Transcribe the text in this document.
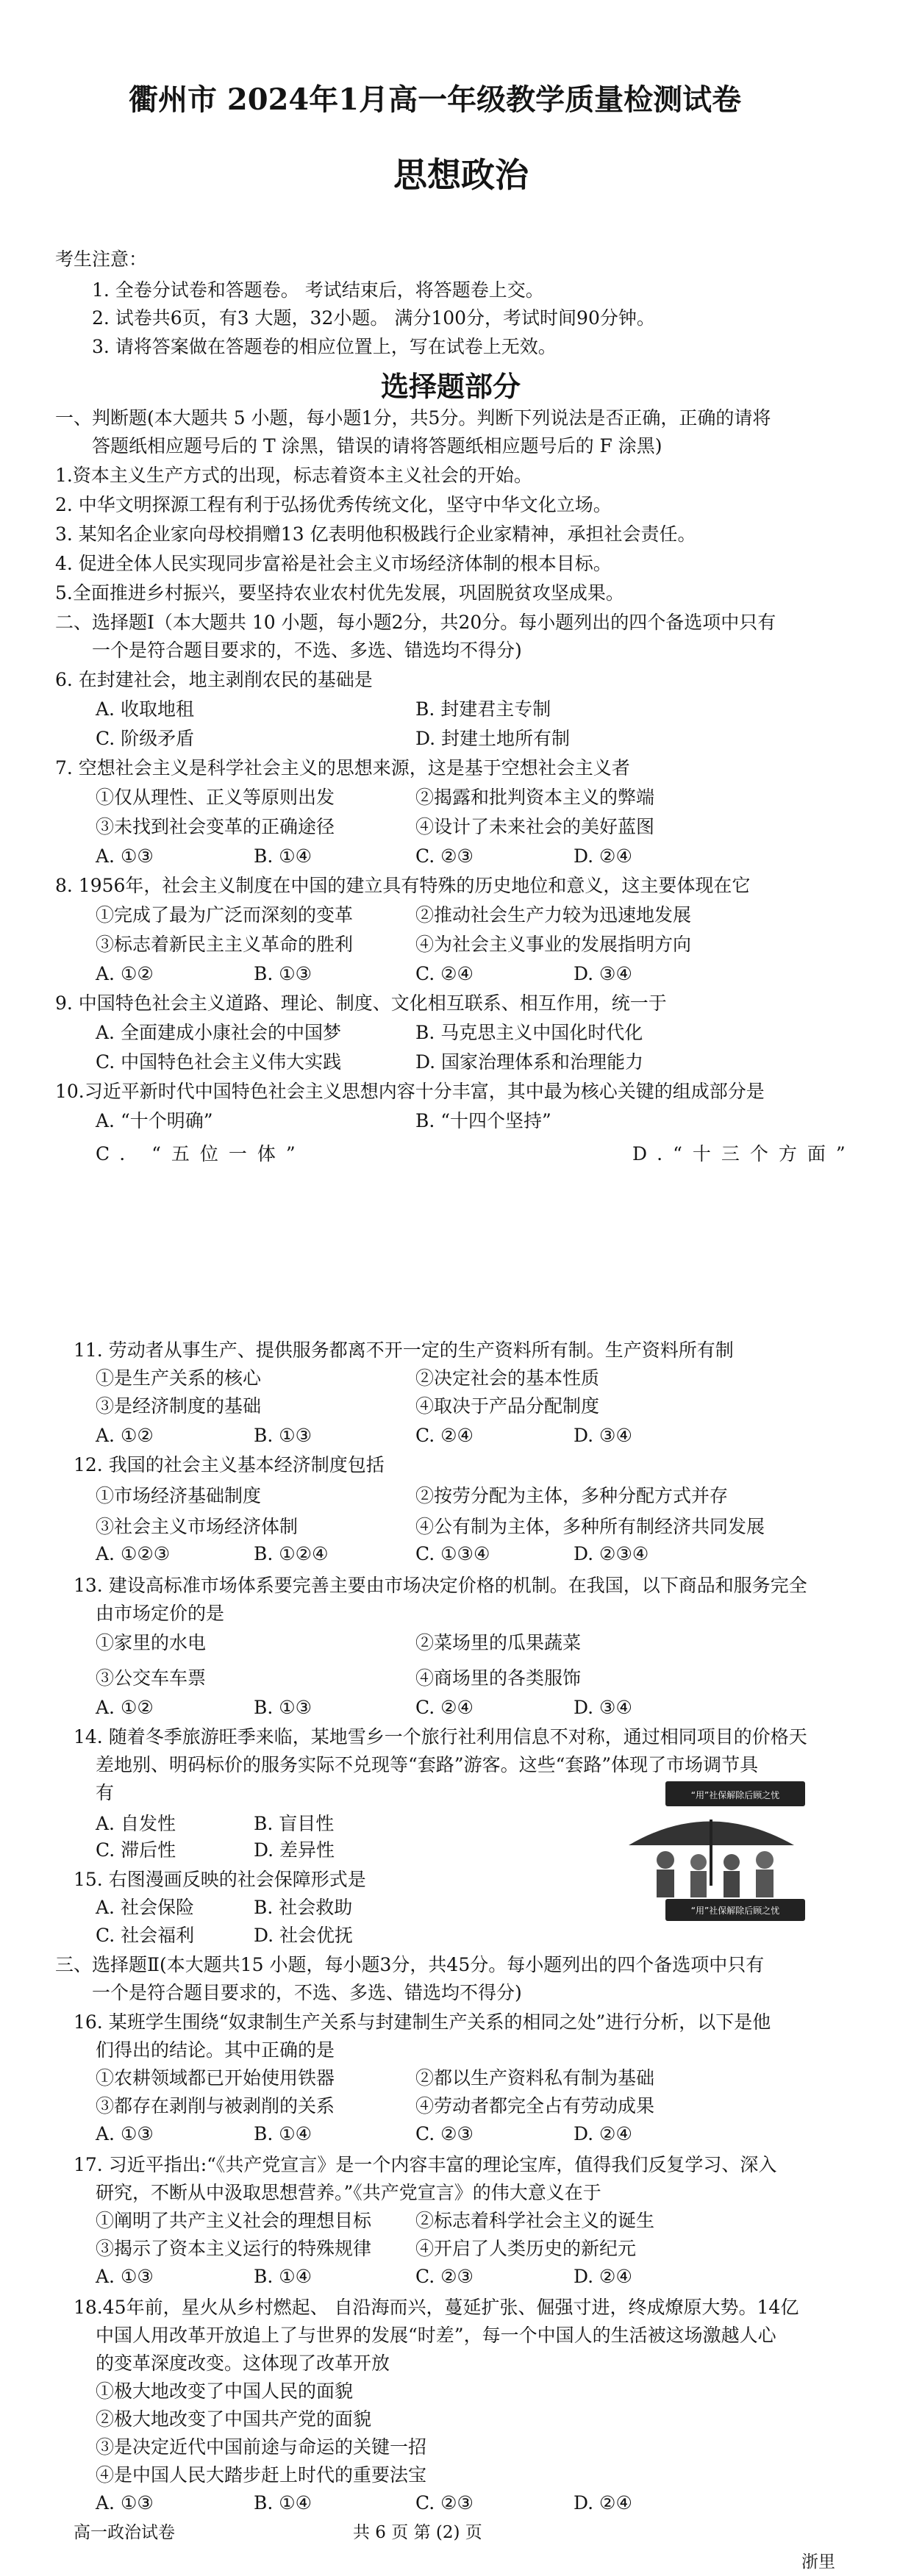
衢州市 2024年1月高一年级教学质量检测试卷
思想政治
考生注意：
1. 全卷分试卷和答题卷。 考试结束后，将答题卷上交。
2. 试卷共6页，有3 大题，32小题。 满分100分，考试时间90分钟。
3. 请将答案做在答题卷的相应位置上，写在试卷上无效。
选择题部分
一、判断题(本大题共 5 小题，每小题1分，共5分。判断下列说法是否正确，正确的请将
答题纸相应题号后的 T 涂黑，错误的请将答题纸相应题号后的 F 涂黑)
1.资本主义生产方式的出现，标志着资本主义社会的开始。
2. 中华文明探源工程有利于弘扬优秀传统文化，坚守中华文化立场。
3. 某知名企业家向母校捐赠13 亿表明他积极践行企业家精神，承担社会责任。
4. 促进全体人民实现同步富裕是社会主义市场经济体制的根本目标。
5.全面推进乡村振兴，要坚持农业农村优先发展，巩固脱贫攻坚成果。
二、选择题Ⅰ（本大题共 10 小题，每小题2分，共20分。每小题列出的四个备选项中只有
一个是符合题目要求的，不选、多选、错选均不得分)
6. 在封建社会，地主剥削农民的基础是
A. 收取地租	B. 封建君主专制
C. 阶级矛盾	D. 封建土地所有制
7. 空想社会主义是科学社会主义的思想来源，这是基于空想社会主义者
①仅从理性、正义等原则出发	②揭露和批判资本主义的弊端
③未找到社会变革的正确途径	④设计了未来社会的美好蓝图
A. ①③	B. ①④	C. ②③	D. ②④
8. 1956年，社会主义制度在中国的建立具有特殊的历史地位和意义，这主要体现在它
①完成了最为广泛而深刻的变革	②推动社会生产力较为迅速地发展
③标志着新民主主义革命的胜利	④为社会主义事业的发展指明方向
A. ①②	B. ①③	C. ②④	D. ③④
9. 中国特色社会主义道路、理论、制度、文化相互联系、相互作用，统一于
A. 全面建成小康社会的中国梦	B. 马克思主义中国化时代化
C. 中国特色社会主义伟大实践	D. 国家治理体系和治理能力
10.习近平新时代中国特色社会主义思想内容十分丰富，其中最为核心关键的组成部分是
A. “十个明确”	B. “十四个坚持”
C. “五位一体”	D.“十三个方面”
11. 劳动者从事生产、提供服务都离不开一定的生产资料所有制。生产资料所有制
①是生产关系的核心	②决定社会的基本性质
③是经济制度的基础	④取决于产品分配制度
A. ①②	B. ①③	C. ②④	D. ③④
12. 我国的社会主义基本经济制度包括
①市场经济基础制度	②按劳分配为主体，多种分配方式并存
③社会主义市场经济体制	④公有制为主体，多种所有制经济共同发展
A. ①②③	B. ①②④	C. ①③④	D. ②③④
13. 建设高标准市场体系要完善主要由市场决定价格的机制。在我国，以下商品和服务完全
由市场定价的是
①家里的水电	②菜场里的瓜果蔬菜
③公交车车票	④商场里的各类服饰
A. ①②	B. ①③	C. ②④	D. ③④
14. 随着冬季旅游旺季来临，某地雪乡一个旅行社利用信息不对称，通过相同项目的价格天
差地别、明码标价的服务实际不兑现等“套路”游客。这些“套路”体现了市场调节具
有
A. 自发性	B. 盲目性
C. 滞后性	D. 差异性
15. 右图漫画反映的社会保障形式是
A. 社会保险	B. 社会救助
C. 社会福利	D. 社会优抚
“用”社保解除后顾之忧
“用”社保解除后顾之忧
三、选择题Ⅱ(本大题共15 小题，每小题3分，共45分。每小题列出的四个备选项中只有
一个是符合题目要求的，不选、多选、错选均不得分)
16. 某班学生围绕“奴隶制生产关系与封建制生产关系的相同之处”进行分析，以下是他
们得出的结论。其中正确的是
①农耕领域都已开始使用铁器	②都以生产资料私有制为基础
③都存在剥削与被剥削的关系	④劳动者都完全占有劳动成果
A. ①③	B. ①④	C. ②③	D. ②④
17. 习近平指出:“《共产党宣言》是一个内容丰富的理论宝库，值得我们反复学习、深入
研究，不断从中汲取思想营养。”《共产党宣言》的伟大意义在于
①阐明了共产主义社会的理想目标 ②标志着科学社会主义的诞生
③揭示了资本主义运行的特殊规律 ④开启了人类历史的新纪元
A. ①③	B. ①④	C. ②③	D. ②④
18.45年前，星火从乡村燃起、 自沿海而兴，蔓延扩张、倔强寸进，终成燎原大势。14亿
中国人用改革开放追上了与世界的发展“时差”，每一个中国人的生活被这场激越人心
的变革深度改变。这体现了改革开放
①极大地改变了中国人民的面貌
②极大地改变了中国共产党的面貌
③是决定近代中国前途与命运的关键一招
④是中国人民大踏步赶上时代的重要法宝
A. ①③	B. ①④	C. ②③	D. ②④
高一政治试卷	共 6 页 第 (2) 页
浙里
